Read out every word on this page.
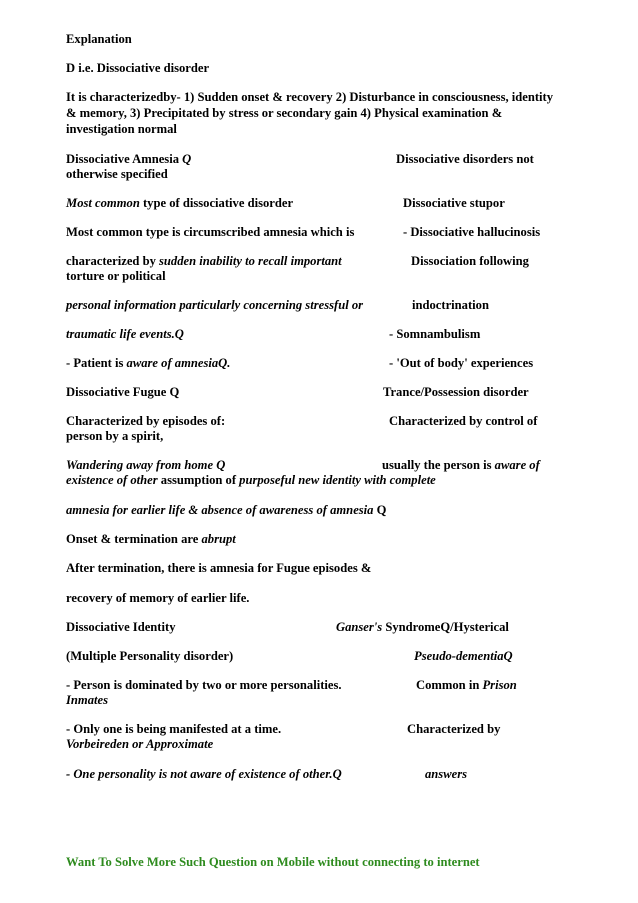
Explanation
D i.e. Dissociative disorder
It is characterizedby- 1) Sudden onset & recovery 2) Disturbance in consciousness, identity & memory, 3) Precipitated by stress or secondary gain 4) Physical examination & investigation normal
Dissociative Amnesia Q	Dissociative disorders not
otherwise specified
Most common type of dissociative disorder	Dissociative stupor
Most common type is circumscribed amnesia which is	- Dissociative hallucinosis
characterized by sudden inability to recall important	Dissociation following
torture or political
personal information particularly concerning stressful or	indoctrination
traumatic life events.Q	- Somnambulism
- Patient is aware of amnesiaQ.	- 'Out of body' experiences
Dissociative Fugue Q	Trance/Possession disorder
Characterized by episodes of:	Characterized by control of
person by a spirit,
Wandering away from home Q	usually the person is aware of
existence of other assumption of purposeful new identity with complete
amnesia for earlier life & absence of awareness of amnesia Q
Onset & termination are abrupt
After termination, there is amnesia for Fugue episodes &
recovery of memory of earlier life.
Dissociative Identity	Ganser's SyndromeQ/Hysterical
(Multiple Personality disorder)	Pseudo-dementiaQ
- Person is dominated by two or more personalities.	Common in Prison
Inmates
- Only one is being manifested at a time.	Characterized by
Vorbeireden or Approximate
- One personality is not aware of existence of other.Q	answers
Want To Solve More Such Question on Mobile without connecting to internet
